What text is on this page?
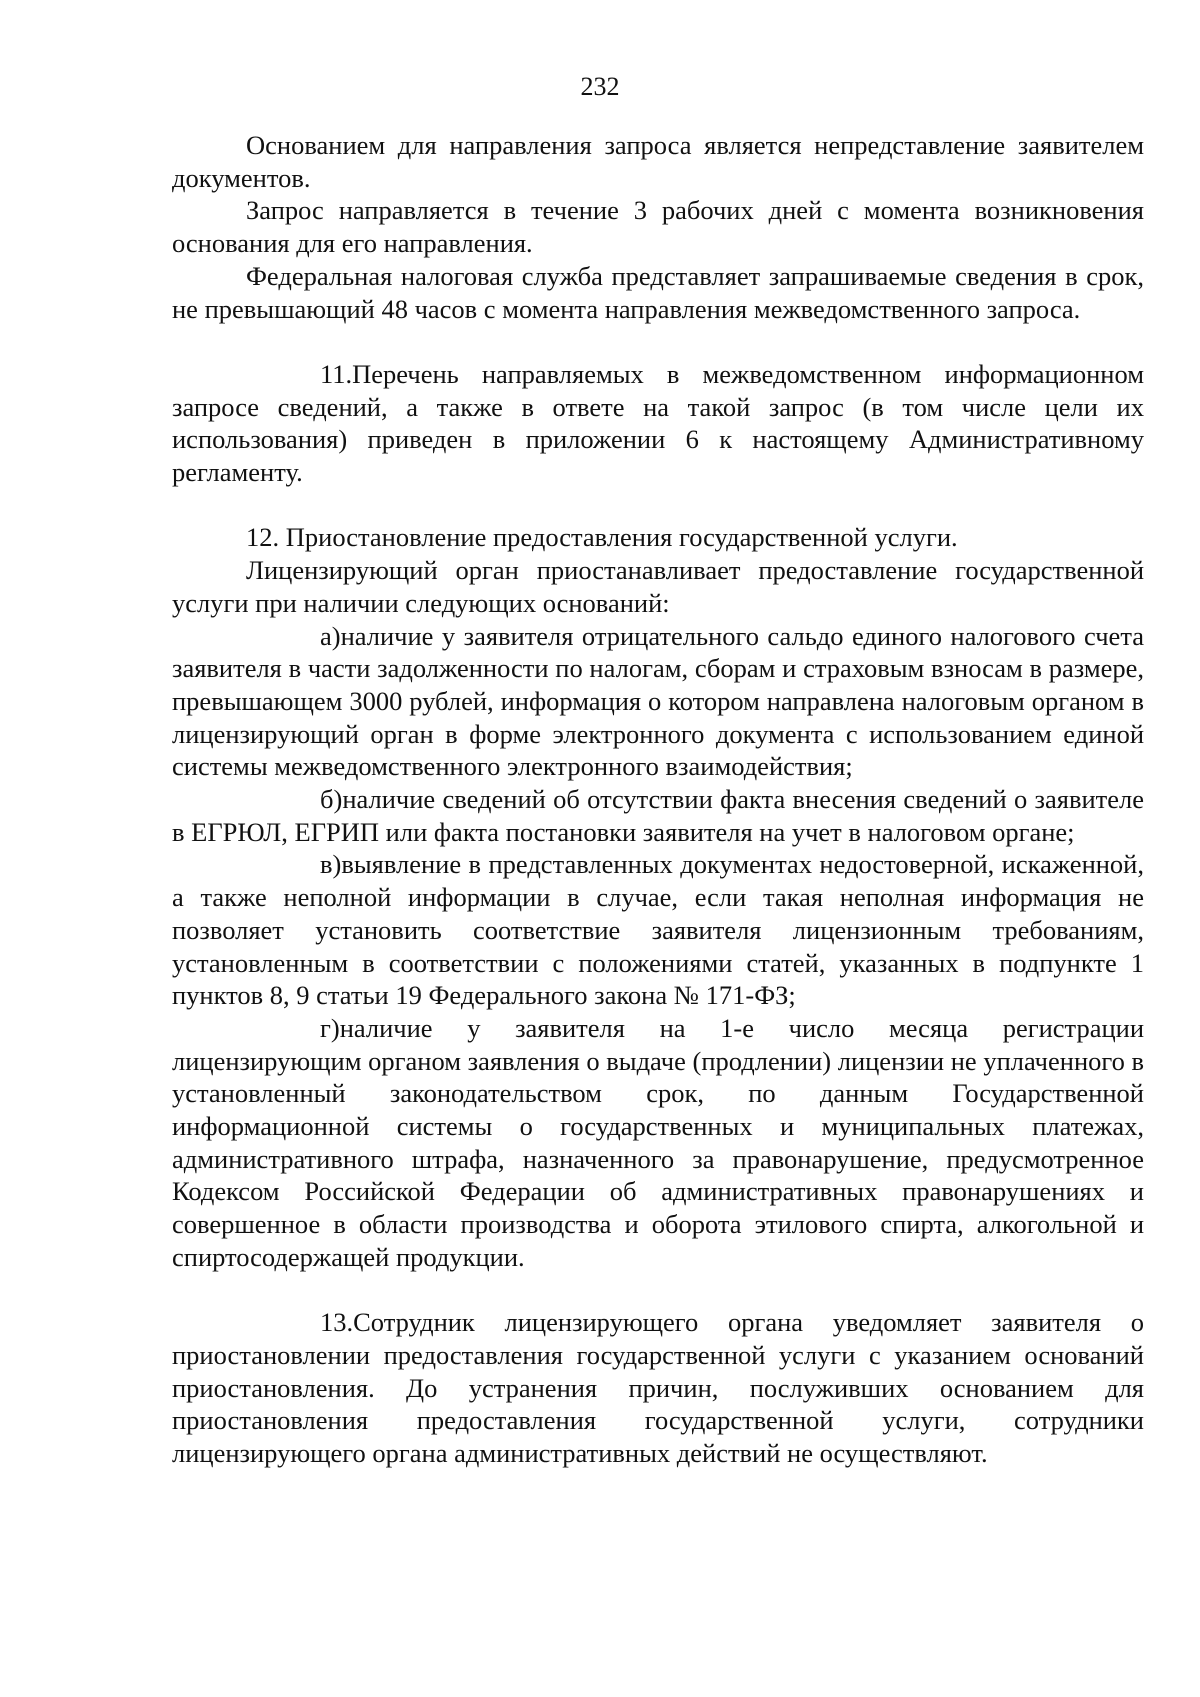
232

Основанием для направления запроса является непредставление заявителем документов.

Запрос направляется в течение 3 рабочих дней с момента возникновения основания для его направления.

Федеральная налоговая служба представляет запрашиваемые сведения в срок, не превышающий 48 часов с момента направления межведомственного запроса.

11.Перечень направляемых в межведомственном информационном запросе сведений, а также в ответе на такой запрос (в том числе цели их использования) приведен в приложении 6 к настоящему Административному регламенту.

12. Приостановление предоставления государственной услуги.

Лицензирующий орган приостанавливает предоставление государственной услуги при наличии следующих оснований:

а)наличие у заявителя отрицательного сальдо единого налогового счета заявителя в части задолженности по налогам, сборам и страховым взносам в размере, превышающем 3000 рублей, информация о котором направлена налоговым органом в лицензирующий орган в форме электронного документа с использованием единой системы межведомственного электронного взаимодействия;

б)наличие сведений об отсутствии факта внесения сведений о заявителе в ЕГРЮЛ, ЕГРИП или факта постановки заявителя на учет в налоговом органе;

в)выявление в представленных документах недостоверной, искаженной, а также неполной информации в случае, если такая неполная информация не позволяет установить соответствие заявителя лицензионным требованиям, установленным в соответствии с положениями статей, указанных в подпункте 1 пунктов 8, 9 статьи 19 Федерального закона № 171-ФЗ;

г)наличие у заявителя на 1-е число месяца регистрации лицензирующим органом заявления о выдаче (продлении) лицензии не уплаченного в установленный законодательством срок, по данным Государственной информационной системы о государственных и муниципальных платежах, административного штрафа, назначенного за правонарушение, предусмотренное Кодексом Российской Федерации об административных правонарушениях и совершенное в области производства и оборота этилового спирта, алкогольной и спиртосодержащей продукции.

13.Сотрудник лицензирующего органа уведомляет заявителя о приостановлении предоставления государственной услуги с указанием оснований приостановления. До устранения причин, послуживших основанием для приостановления предоставления государственной услуги, сотрудники лицензирующего органа административных действий не осуществляют.
